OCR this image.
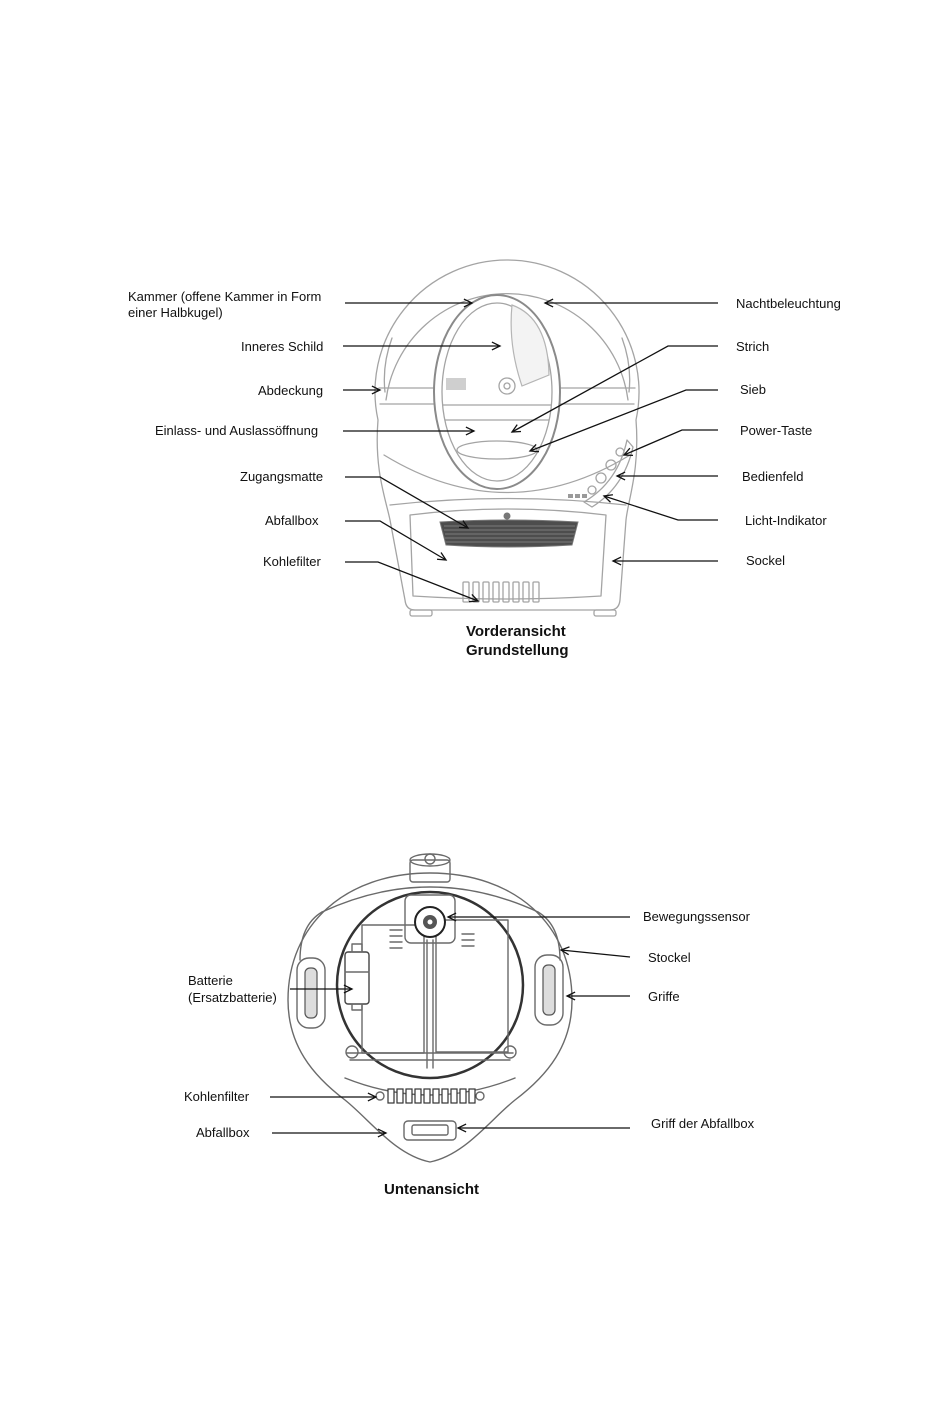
Kammer (offene Kammer in Form
einer Halbkugel)
Inneres Schild
Abdeckung
Einlass- und Auslassöffnung
Zugangsmatte
Abfallbox
Kohlefilter
Nachtbeleuchtung
Strich
Sieb
Power-Taste
Bedienfeld
Licht-Indikator
Sockel
Vorderansicht
Grundstellung
Bewegungssensor
Stockel
Griffe
Batterie
(Ersatzbatterie)
Kohlenfilter
Abfallbox
Griff der Abfallbox
Untenansicht
